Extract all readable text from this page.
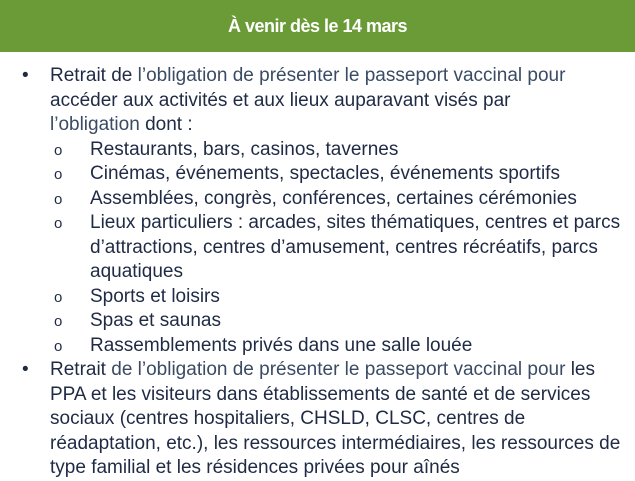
À venir dès le 14 mars
• Retrait de l’obligation de présenter le passeport vaccinal pour
accéder aux activités et aux lieux auparavant visés par
l’obligation dont :
o Restaurants, bars, casinos, tavernes
o Cinémas, événements, spectacles, événements sportifs
o Assemblées, congrès, conférences, certaines cérémonies
o Lieux particuliers : arcades, sites thématiques, centres et parcs d’attractions, centres d’amusement, centres récréatifs, parcs aquatiques
o Sports et loisirs
o Spas et saunas
o Rassemblements privés dans une salle louée
• Retrait de l’obligation de présenter le passeport vaccinal pour les PPA et les visiteurs dans établissements de santé et de services sociaux (centres hospitaliers, CHSLD, CLSC, centres de réadaptation, etc.), les ressources intermédiaires, les ressources de type familial et les résidences privées pour aînés
